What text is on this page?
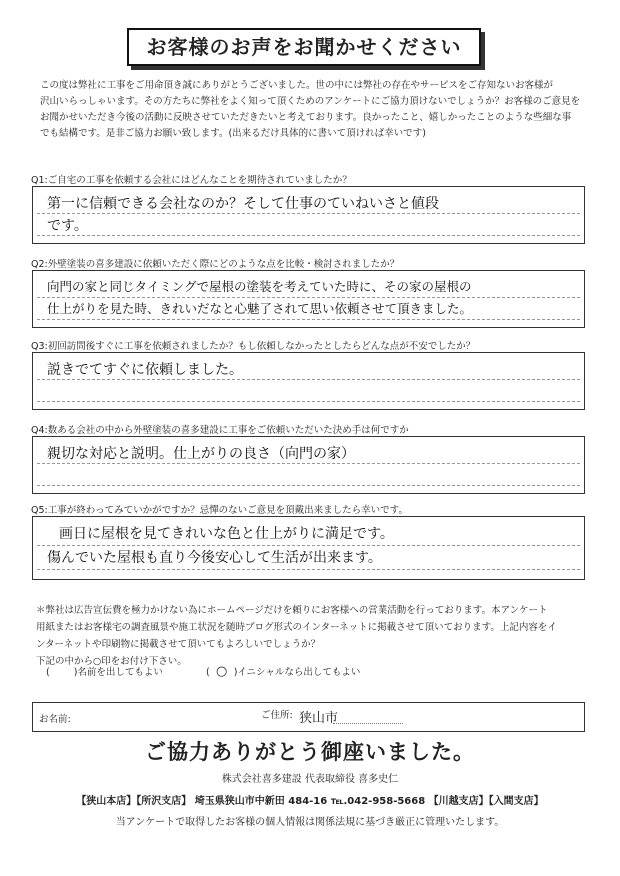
お客様のお声をお聞かせください
この度は弊社に工事をご用命頂き誠にありがとうございました。世の中には弊社の存在やサービスをご存知ないお客様が
沢山いらっしゃいます。その方たちに弊社をよく知って頂くためのアンケートにご協力頂けないでしょうか？お客様のご意見を
お聞かせいただき今後の活動に反映させていただきたいと考えております。良かったこと、嬉しかったことのような些細な事
でも結構です。是非ご協力お願い致します。(出来るだけ具体的に書いて頂ければ幸いです)
Q1:ご自宅の工事を依頼する会社にはどんなことを期待されていましたか？
第一に信頼できる会社なのか？そして仕事のていねいさと値段
です。
Q2:外壁塗装の喜多建設に依頼いただく際にどのような点を比較・検討されましたか？
向門の家と同じタイミングで屋根の塗装を考えていた時に、その家の屋根の
仕上がりを見た時、きれいだなと心魅了されて思い依頼させて頂きました。
Q3:初回訪問後すぐに工事を依頼されましたか？もし依頼しなかったとしたらどんな点が不安でしたか？
説きでてすぐに依頼しました。
Q4:数ある会社の中から外壁塗装の喜多建設に工事をご依頼いただいた決め手は何ですか
親切な対応と説明。仕上がりの良さ（向門の家）
Q5:工事が終わってみていかがですか？忌憚のないご意見を頂戴出来ましたら幸いです。
画日に屋根を見てきれいな色と仕上がりに満足です。
傷んでいた屋根も直り今後安心して生活が出来ます。
＊弊社は広告宣伝費を極力かけない為にホームページだけを頼りにお客様への営業活動を行っております。本アンケート
用紙またはお客様宅の調査風景や施工状況を随時ブログ形式のインターネットに掲載させて頂いております。上記内容をイ
ンターネットや印刷物に掲載させて頂いてもよろしいでしょうか？
下記の中から○印をお付け下さい。
(	)名前を出してもよい	( ○ )イニシャルなら出してもよい
お名前:	ご住所: 狭山市
ご協力ありがとう御座いました。
株式会社喜多建設 代表取締役 喜多史仁
【狭山本店】【所沢支店】 埼玉県狭山市中新田 484-16 ℡.042-958-5668 【川越支店】【入間支店】
当アンケートで取得したお客様の個人情報は関係法規に基づき厳正に管理いたします。
